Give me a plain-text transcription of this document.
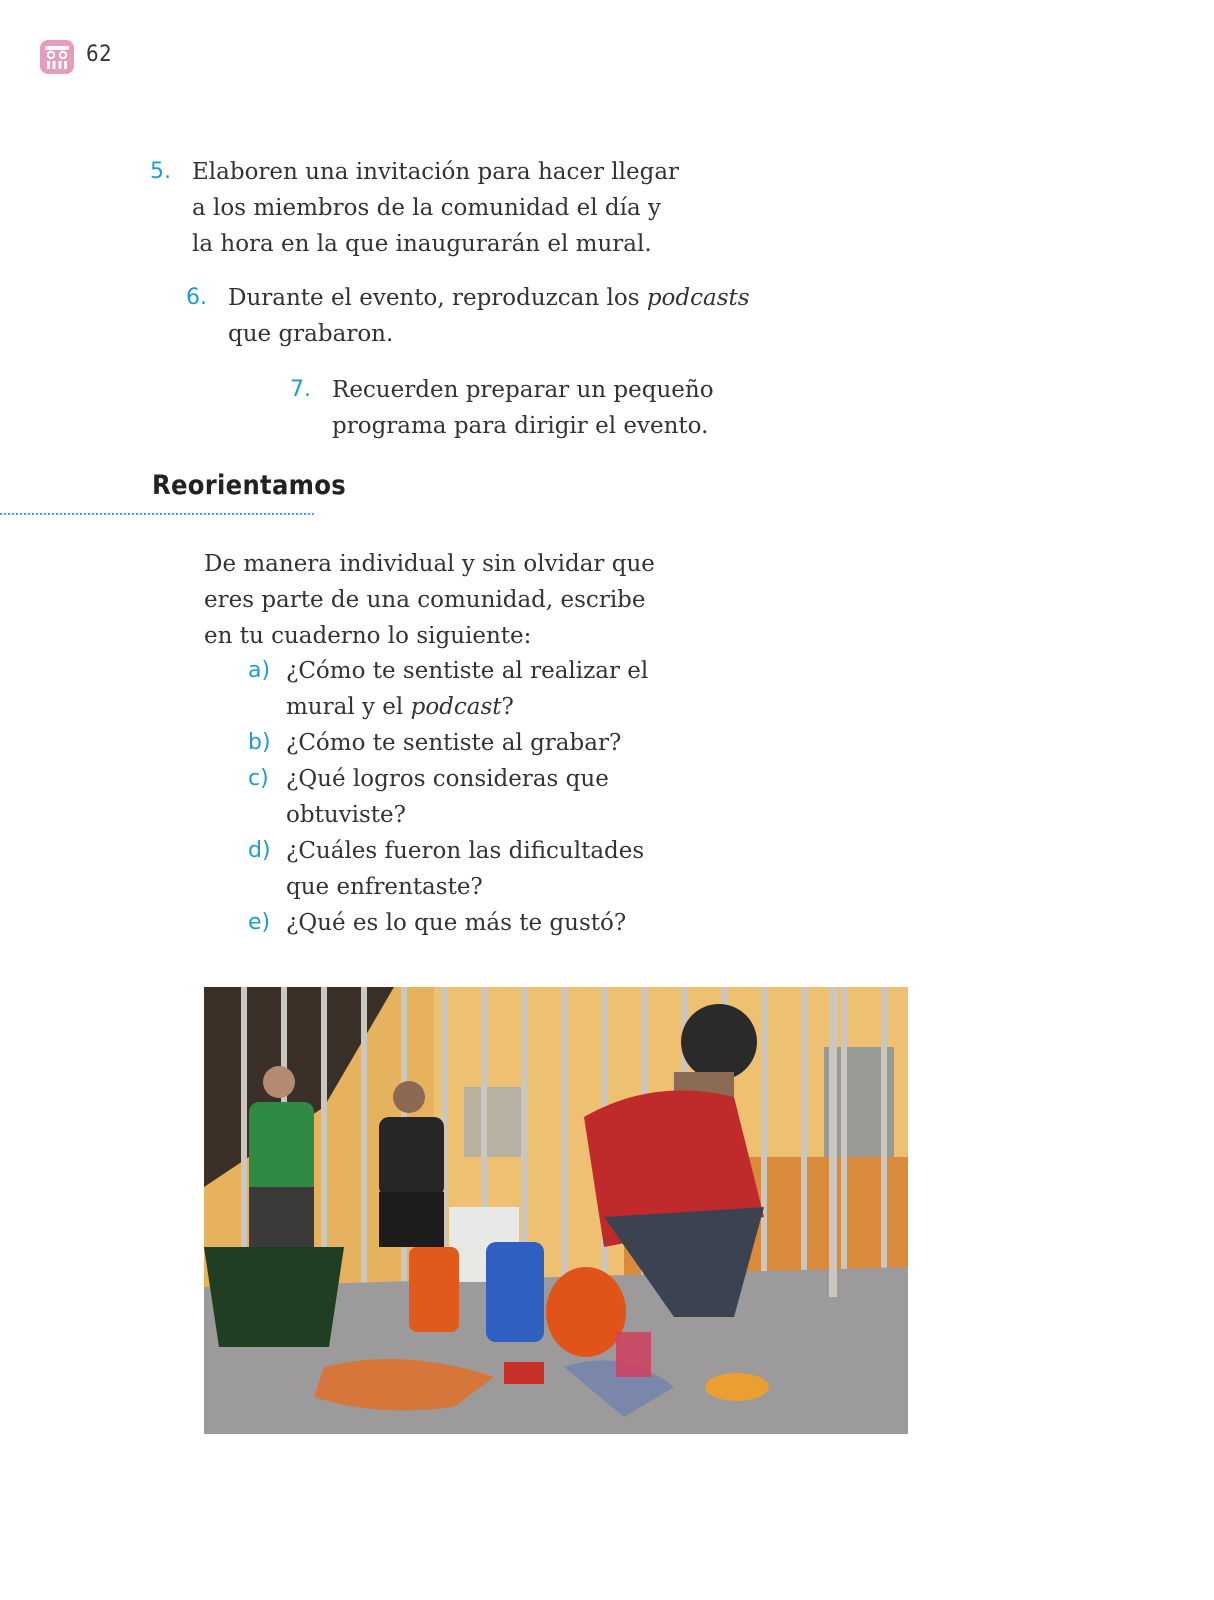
62

5. Elaboren una invitación para hacer llegar
a los miembros de la comunidad el día y
la hora en la que inaugurarán el mural.

6. Durante el evento, reproduzcan los podcasts
que grabaron.

7. Recuerden preparar un pequeño
programa para dirigir el evento.

Reorientamos

De manera individual y sin olvidar que
eres parte de una comunidad, escribe
en tu cuaderno lo siguiente:

a) ¿Cómo te sentiste al realizar el
mural y el podcast?
b) ¿Cómo te sentiste al grabar?
c) ¿Qué logros consideras que
obtuviste?
d) ¿Cuáles fueron las dificultades
que enfrentaste?
e) ¿Qué es lo que más te gustó?
